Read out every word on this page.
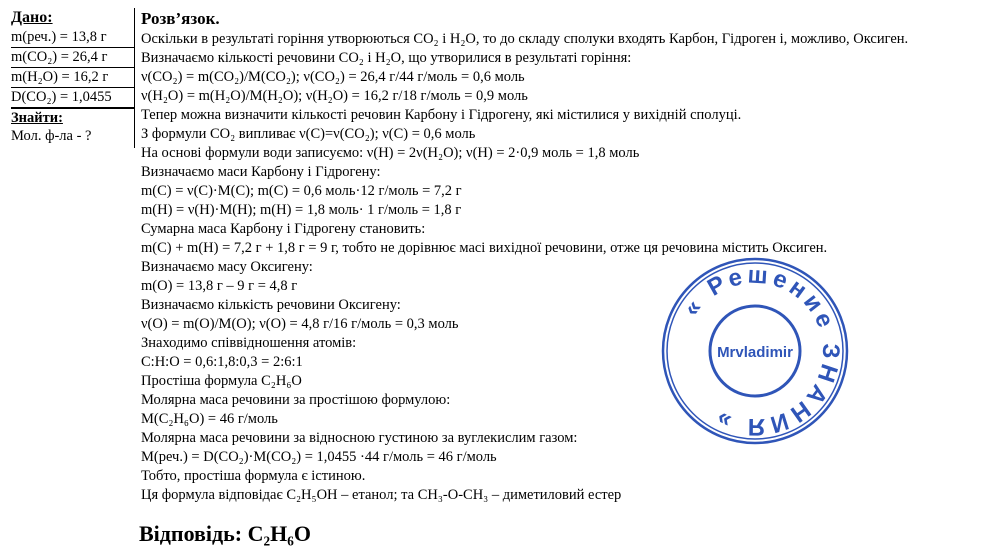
Дано:
m(реч.) = 13,8 г
m(CO₂) = 26,4 г
m(H₂O) = 16,2 г
D(CO₂) = 1,0455
Знайти:
Мол. ф-ла - ?
Розв’язок.
Оскільки в результаті горіння утворюються CO₂ і H₂O, то до складу сполуки входять Карбон, Гідроген і, можливо, Оксиген.
Визначаємо кількості речовини CO₂ і H₂O, що утворилися в результаті горіння:
ν(CO₂) = m(CO₂)/M(CO₂); ν(CO₂) = 26,4 г/44 г/моль = 0,6 моль
ν(H₂O) = m(H₂O)/M(H₂O); ν(H₂O) = 16,2 г/18 г/моль = 0,9 моль
Тепер можна визначити кількості речовин Карбону і Гідрогену, які містилися у вихідній сполуці.
З формули CO₂ випливає ν(C)=ν(CO₂); ν(C) = 0,6 моль
На основі формули води записуємо: ν(H) = 2ν(H₂O); ν(H) = 2·0,9 моль = 1,8 моль
Визначаємо маси Карбону і Гідрогену:
m(C) = ν(C)·M(C); m(C) = 0,6 моль·12 г/моль = 7,2 г
m(H) = ν(H)·M(H); m(H) = 1,8 моль· 1 г/моль = 1,8 г
Сумарна маса Карбону і Гідрогену становить:
m(C) + m(H) = 7,2 г + 1,8 г = 9 г, тобто не дорівнює масі вихідної речовини, отже ця речовина містить Оксиген.
Визначаємо масу Оксигену:
m(O) = 13,8 г – 9 г = 4,8 г
Визначаємо кількість речовини Оксигену:
ν(O) = m(O)/M(O); ν(O) = 4,8 г/16 г/моль = 0,3 моль
Знаходимо співвідношення атомів:
C:H:O = 0,6:1,8:0,3 = 2:6:1
Простіша формула C₂H₆O
Молярна маса речовини за простішою формулою:
M(C₂H₆O) = 46 г/моль
Молярна маса речовини за відносною густиною за вуглекислим газом:
M(реч.) = D(CO₂)·M(CO₂) = 1,0455 ·44 г/моль = 46 г/моль
Тобто, простіша формула є істиною.
Ця формула відповідає C₂H₅OH – етанол; та CH₃-O-CH₃ – диметиловий естер
Відповідь: C₂H₆O
« Решение ЗНАНИЯ »
Mrvladimir
